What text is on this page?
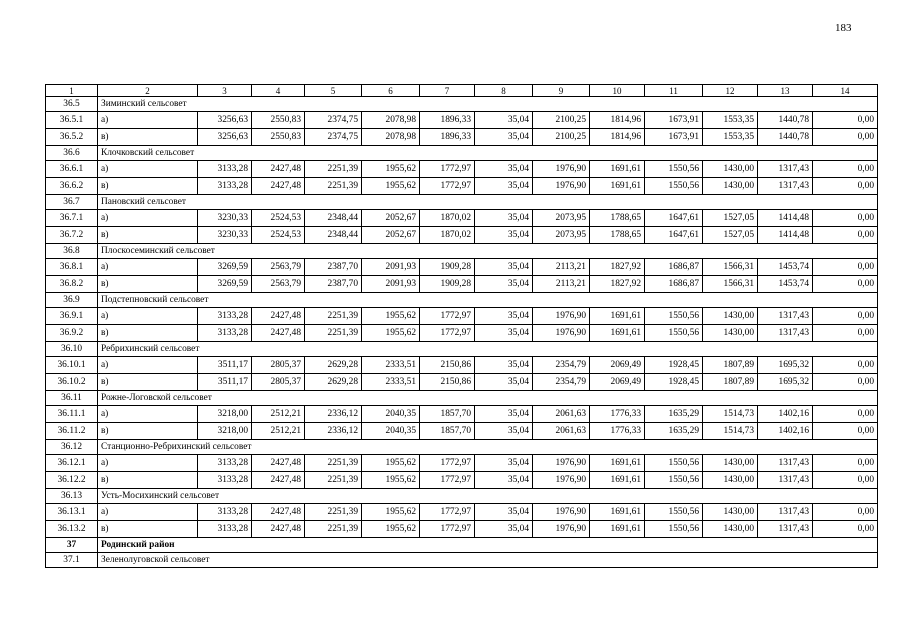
183
1	2	3	4	5	6	7	8	9	10	11	12	13	14
36.5	Зиминский сельсовет												
36.5.1	а)	3256,63	2550,83	2374,75	2078,98	1896,33	35,04	2100,25	1814,96	1673,91	1553,35	1440,78	0,00
36.5.2	в)	3256,63	2550,83	2374,75	2078,98	1896,33	35,04	2100,25	1814,96	1673,91	1553,35	1440,78	0,00
36.6	Клочковский сельсовет												
36.6.1	а)	3133,28	2427,48	2251,39	1955,62	1772,97	35,04	1976,90	1691,61	1550,56	1430,00	1317,43	0,00
36.6.2	в)	3133,28	2427,48	2251,39	1955,62	1772,97	35,04	1976,90	1691,61	1550,56	1430,00	1317,43	0,00
36.7	Пановский сельсовет												
36.7.1	а)	3230,33	2524,53	2348,44	2052,67	1870,02	35,04	2073,95	1788,65	1647,61	1527,05	1414,48	0,00
36.7.2	в)	3230,33	2524,53	2348,44	2052,67	1870,02	35,04	2073,95	1788,65	1647,61	1527,05	1414,48	0,00
36.8	Плоскосеминский сельсовет												
36.8.1	а)	3269,59	2563,79	2387,70	2091,93	1909,28	35,04	2113,21	1827,92	1686,87	1566,31	1453,74	0,00
36.8.2	в)	3269,59	2563,79	2387,70	2091,93	1909,28	35,04	2113,21	1827,92	1686,87	1566,31	1453,74	0,00
36.9	Подстепновский сельсовет												
36.9.1	а)	3133,28	2427,48	2251,39	1955,62	1772,97	35,04	1976,90	1691,61	1550,56	1430,00	1317,43	0,00
36.9.2	в)	3133,28	2427,48	2251,39	1955,62	1772,97	35,04	1976,90	1691,61	1550,56	1430,00	1317,43	0,00
36.10	Ребрихинский сельсовет												
36.10.1	а)	3511,17	2805,37	2629,28	2333,51	2150,86	35,04	2354,79	2069,49	1928,45	1807,89	1695,32	0,00
36.10.2	в)	3511,17	2805,37	2629,28	2333,51	2150,86	35,04	2354,79	2069,49	1928,45	1807,89	1695,32	0,00
36.11	Рожне-Логовской сельсовет												
36.11.1	а)	3218,00	2512,21	2336,12	2040,35	1857,70	35,04	2061,63	1776,33	1635,29	1514,73	1402,16	0,00
36.11.2	в)	3218,00	2512,21	2336,12	2040,35	1857,70	35,04	2061,63	1776,33	1635,29	1514,73	1402,16	0,00
36.12	Станционно-Ребрихинский сельсовет												
36.12.1	а)	3133,28	2427,48	2251,39	1955,62	1772,97	35,04	1976,90	1691,61	1550,56	1430,00	1317,43	0,00
36.12.2	в)	3133,28	2427,48	2251,39	1955,62	1772,97	35,04	1976,90	1691,61	1550,56	1430,00	1317,43	0,00
36.13	Усть-Мосихинский сельсовет												
36.13.1	а)	3133,28	2427,48	2251,39	1955,62	1772,97	35,04	1976,90	1691,61	1550,56	1430,00	1317,43	0,00
36.13.2	в)	3133,28	2427,48	2251,39	1955,62	1772,97	35,04	1976,90	1691,61	1550,56	1430,00	1317,43	0,00
37	Родинский район												
37.1	Зеленолуговской сельсовет												
